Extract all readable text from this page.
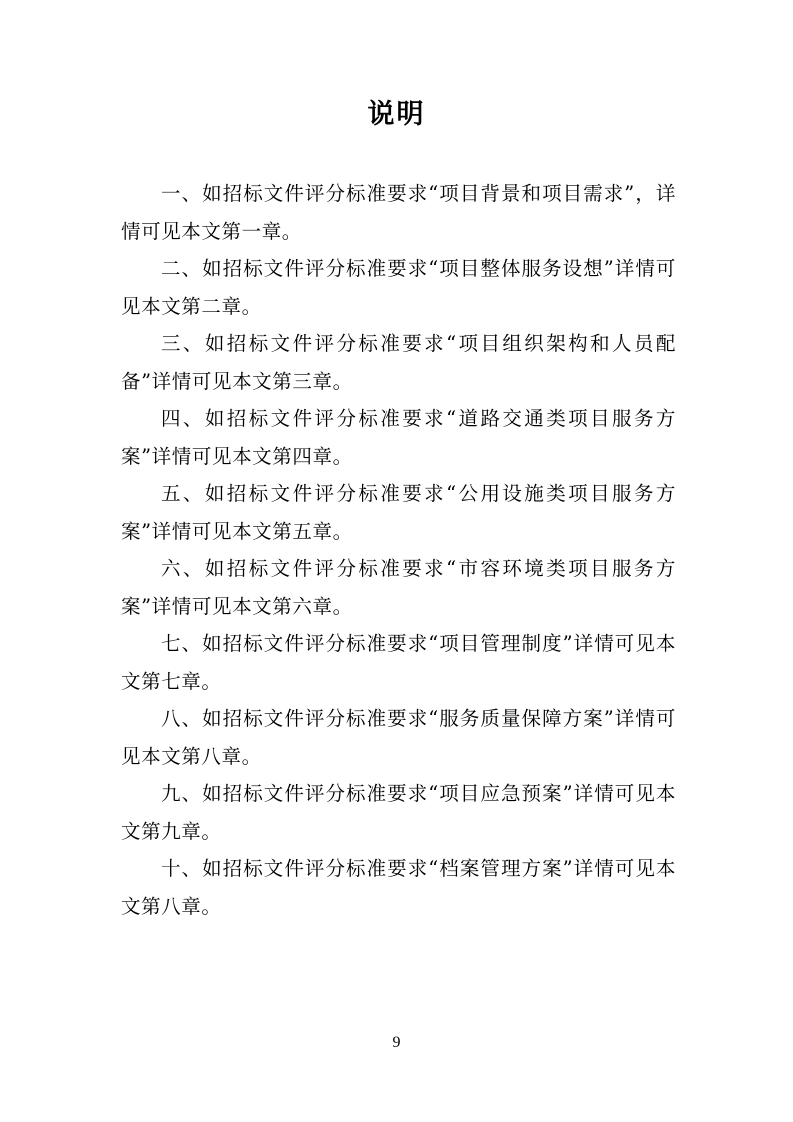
说明

一、如招标文件评分标准要求“项目背景和项目需求”，详情可见本文第一章。

二、如招标文件评分标准要求“项目整体服务设想”详情可见本文第二章。

三、如招标文件评分标准要求“项目组织架构和人员配备”详情可见本文第三章。

四、如招标文件评分标准要求“道路交通类项目服务方案”详情可见本文第四章。

五、如招标文件评分标准要求“公用设施类项目服务方案”详情可见本文第五章。

六、如招标文件评分标准要求“市容环境类项目服务方案”详情可见本文第六章。

七、如招标文件评分标准要求“项目管理制度”详情可见本文第七章。

八、如招标文件评分标准要求“服务质量保障方案”详情可见本文第八章。

九、如招标文件评分标准要求“项目应急预案”详情可见本文第九章。

十、如招标文件评分标准要求“档案管理方案”详情可见本文第八章。

9
